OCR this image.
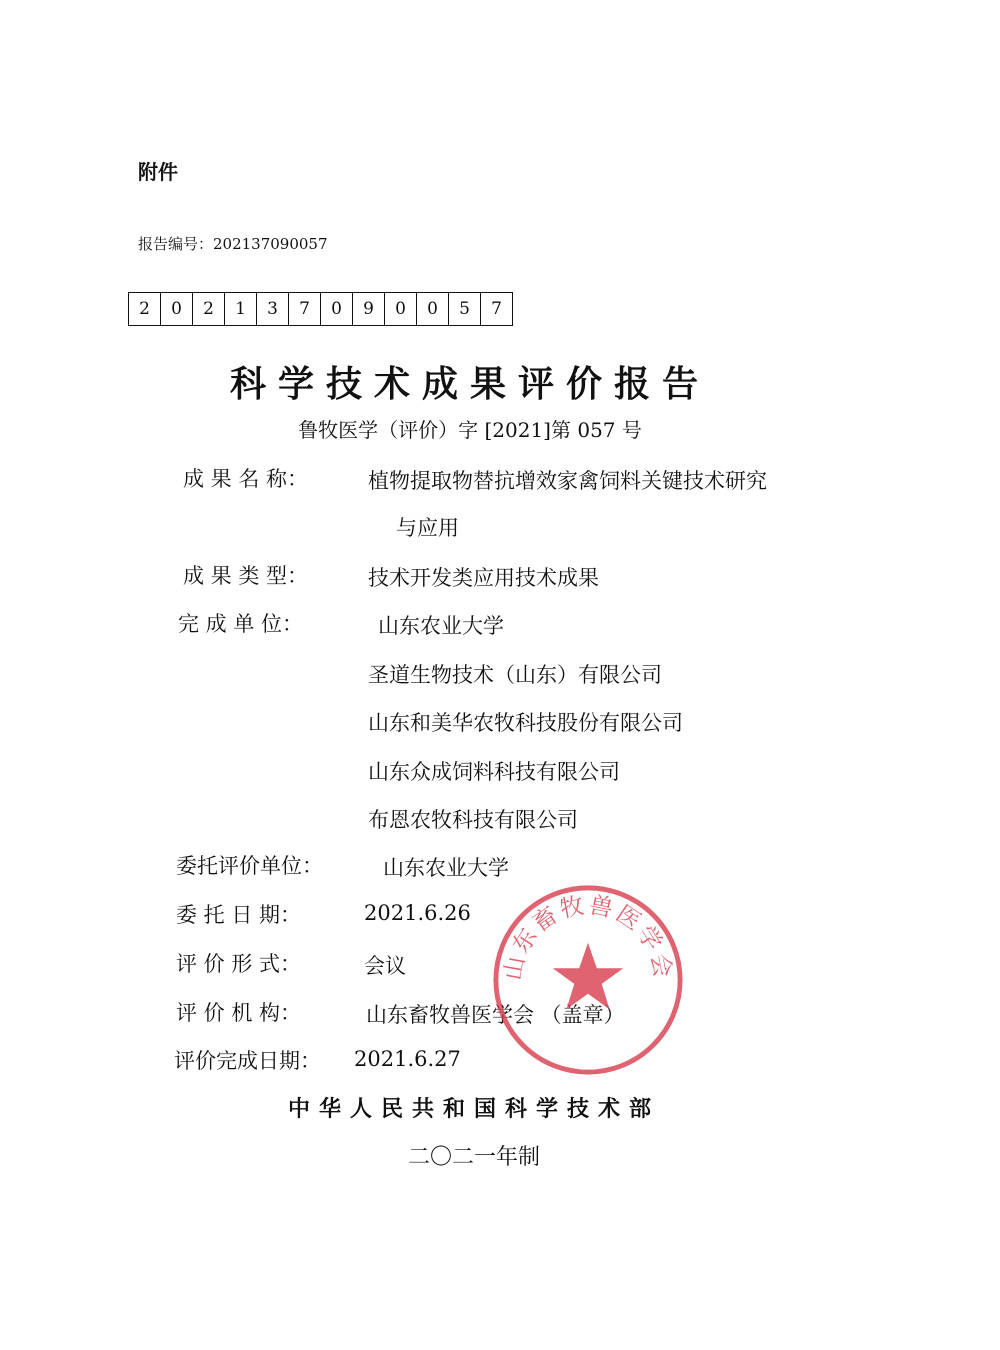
附件
报告编号：202137090057
2	0	2	1	3	7	0	9	0	0	5	7
科学技术成果评价报告
鲁牧医学（评价）字 [2021]第 057 号
成 果 名 称：	植物提取物替抗增效家禽饲料关键技术研究
与应用
成 果 类 型：	技术开发类应用技术成果
完 成 单 位：	山东农业大学
圣道生物技术（山东）有限公司
山东和美华农牧科技股份有限公司
山东众成饲料科技有限公司
布恩农牧科技有限公司
委托评价单位：	山东农业大学
委 托 日 期：	2021.6.26
评 价 形 式：	会议
评 价 机 构：	山东畜牧兽医学会 （盖章）
评价完成日期： 2021.6.27
中华人民共和国科学技术部
二〇二一年制
山东畜牧兽医学会
